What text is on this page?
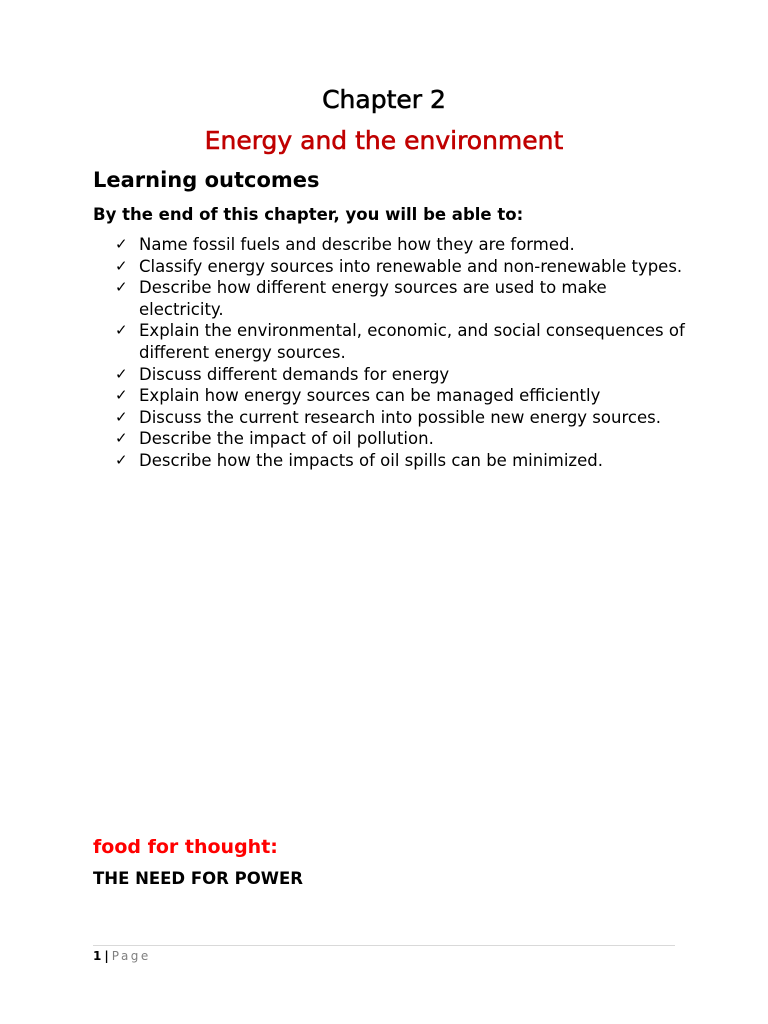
Chapter 2
Energy and the environment
Learning outcomes

By the end of this chapter, you will be able to:

✓ Name fossil fuels and describe how they are formed.
✓ Classify energy sources into renewable and non-renewable types.
✓ Describe how different energy sources are used to make electricity.
✓ Explain the environmental, economic, and social consequences of different energy sources.
✓ Discuss different demands for energy
✓ Explain how energy sources can be managed efficiently
✓ Discuss the current research into possible new energy sources.
✓ Describe the impact of oil pollution.
✓ Describe how the impacts of oil spills can be minimized.

food for thought:

THE NEED FOR POWER

1 | Page
